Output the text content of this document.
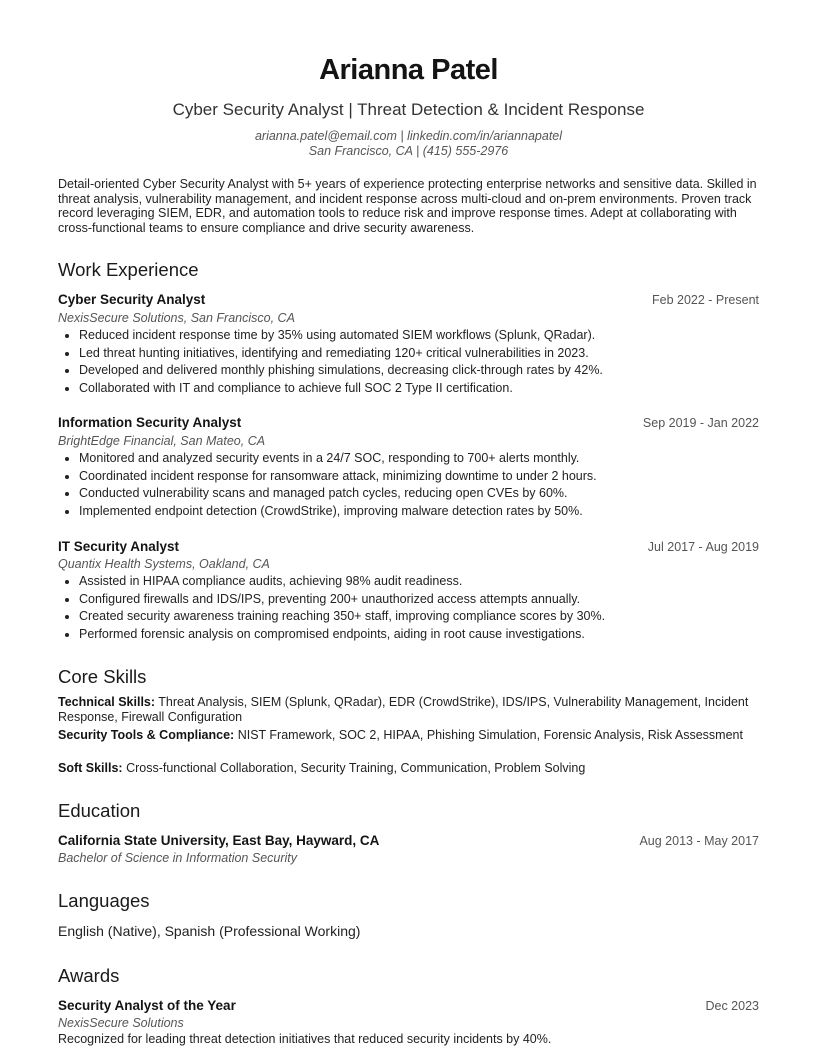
Arianna Patel
Cyber Security Analyst | Threat Detection & Incident Response
arianna.patel@email.com | linkedin.com/in/ariannapatel
San Francisco, CA | (415) 555-2976
Detail-oriented Cyber Security Analyst with 5+ years of experience protecting enterprise networks and sensitive data. Skilled in threat analysis, vulnerability management, and incident response across multi-cloud and on-prem environments. Proven track record leveraging SIEM, EDR, and automation tools to reduce risk and improve response times. Adept at collaborating with cross-functional teams to ensure compliance and drive security awareness.
Work Experience
Cyber Security Analyst	Feb 2022 - Present
NexisSecure Solutions, San Francisco, CA
Reduced incident response time by 35% using automated SIEM workflows (Splunk, QRadar).
Led threat hunting initiatives, identifying and remediating 120+ critical vulnerabilities in 2023.
Developed and delivered monthly phishing simulations, decreasing click-through rates by 42%.
Collaborated with IT and compliance to achieve full SOC 2 Type II certification.
Information Security Analyst	Sep 2019 - Jan 2022
BrightEdge Financial, San Mateo, CA
Monitored and analyzed security events in a 24/7 SOC, responding to 700+ alerts monthly.
Coordinated incident response for ransomware attack, minimizing downtime to under 2 hours.
Conducted vulnerability scans and managed patch cycles, reducing open CVEs by 60%.
Implemented endpoint detection (CrowdStrike), improving malware detection rates by 50%.
IT Security Analyst	Jul 2017 - Aug 2019
Quantix Health Systems, Oakland, CA
Assisted in HIPAA compliance audits, achieving 98% audit readiness.
Configured firewalls and IDS/IPS, preventing 200+ unauthorized access attempts annually.
Created security awareness training reaching 350+ staff, improving compliance scores by 30%.
Performed forensic analysis on compromised endpoints, aiding in root cause investigations.
Core Skills
Technical Skills: Threat Analysis, SIEM (Splunk, QRadar), EDR (CrowdStrike), IDS/IPS, Vulnerability Management, Incident Response, Firewall Configuration
Security Tools & Compliance: NIST Framework, SOC 2, HIPAA, Phishing Simulation, Forensic Analysis, Risk Assessment
Soft Skills: Cross-functional Collaboration, Security Training, Communication, Problem Solving
Education
California State University, East Bay, Hayward, CA	Aug 2013 - May 2017
Bachelor of Science in Information Security
Languages
English (Native), Spanish (Professional Working)
Awards
Security Analyst of the Year	Dec 2023
NexisSecure Solutions
Recognized for leading threat detection initiatives that reduced security incidents by 40%.
